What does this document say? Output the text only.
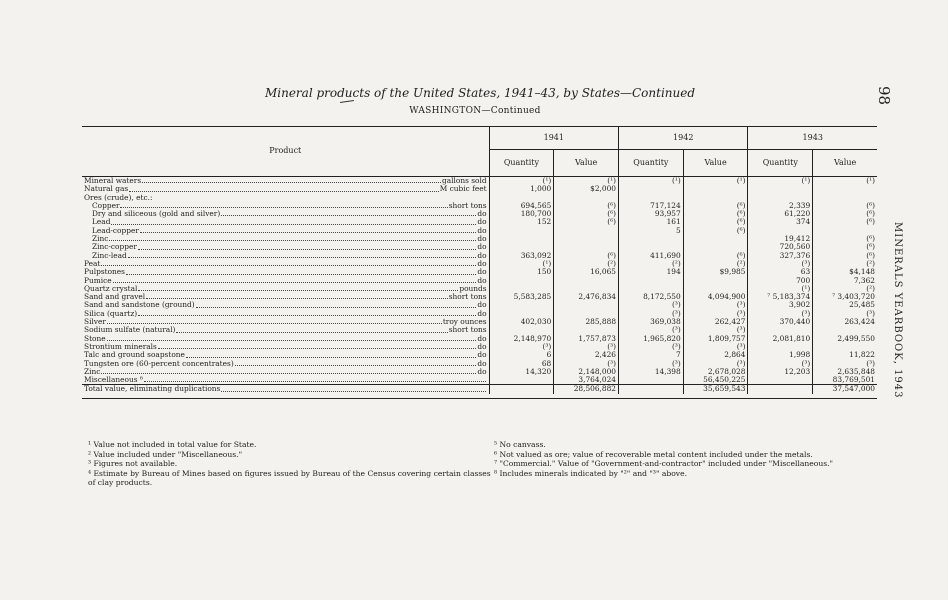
Mineral products of the United States, 1941–43, by States—Continued
WASHINGTON—Continued
98
MINERALS YEARBOOK, 1943

Product	1941		1942		1943	
	Quantity	Value	Quantity	Value	Quantity	Value

Mineral waters gallons sold	(¹)	(¹)	(¹)	(¹)	(¹)	(¹)

Natural gas M cubic feet	1,000	$2,000				

Ores (crude), etc.:						

Copper short tons	694,565	(⁶)	717,124	(⁶)	2,339	(⁶)

Dry and siliceous (gold and silver) do	180,700	(⁶)	93,957	(⁶)	61,220	(⁶)

Lead do	152	(⁶)	161	(⁶)	374	(⁶)

Lead-copper do			5	(⁶)		

Zinc do					19,412	(⁶)

Zinc-copper do					720,560	(⁶)

Zinc-lead do	363,092	(⁶)	411,690	(⁶)	327,376	(⁶)

Peat do	(¹)	(²)	(²)	(²)	(³)	(²)

Pulpstones do	150	16,065	194	$9,985	63	$4,148

Pumice do					700	7,362

Quartz crystal pounds					(¹)	(²)

Sand and gravel short tons	5,583,285	2,476,834	8,172,550	4,094,900	⁷ 5,183,374	⁷ 3,403,720

Sand and sandstone (ground) do			(³)	(³)	3,902	25,485

Silica (quartz) do			(³)	(³)	(³)	(³)

Silver troy ounces	402,030	285,888	369,038	262,427	370,440	263,424

Sodium sulfate (natural) short tons			(³)	(³)		

Stone do	2,148,970	1,757,873	1,965,820	1,809,757	2,081,810	2,499,550

Strontium minerals do	(³)	(³)	(³)	(³)		

Talc and ground soapstone do	6	2,426	7	2,864	1,998	11,822

Tungsten ore (60-percent concentrates) do	68	(³)	(³)	(³)	(³)	(³)

Zinc do	14,320	2,148,000	14,398	2,678,028	12,203	2,635,848

Miscellaneous ⁸		3,764,024		56,450,225		83,769,501

Total value, eliminating duplications		28,506,882		35,659,543		37,547,000

¹ Value not included in total value for State.
² Value included under "Miscellaneous."
³ Figures not available.
⁴ Estimate by Bureau of Mines based on figures issued by Bureau of the Census covering certain classes of clay products.
⁵ No canvass.
⁶ Not valued as ore; value of recoverable metal content included under the metals.
⁷ "Commercial." Value of "Government-and-contractor" included under "Miscellaneous."
⁸ Includes minerals indicated by "²" and "³" above.
